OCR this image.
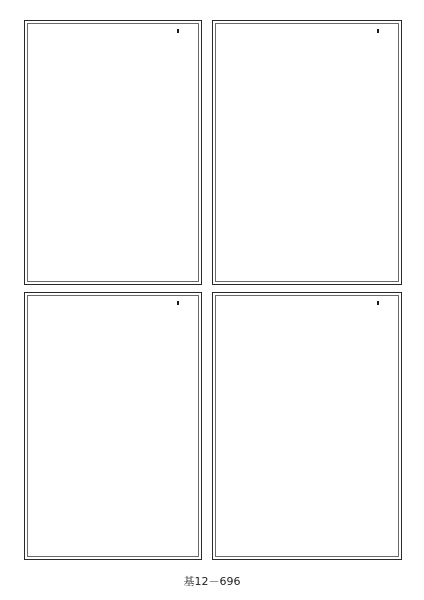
基12－696
